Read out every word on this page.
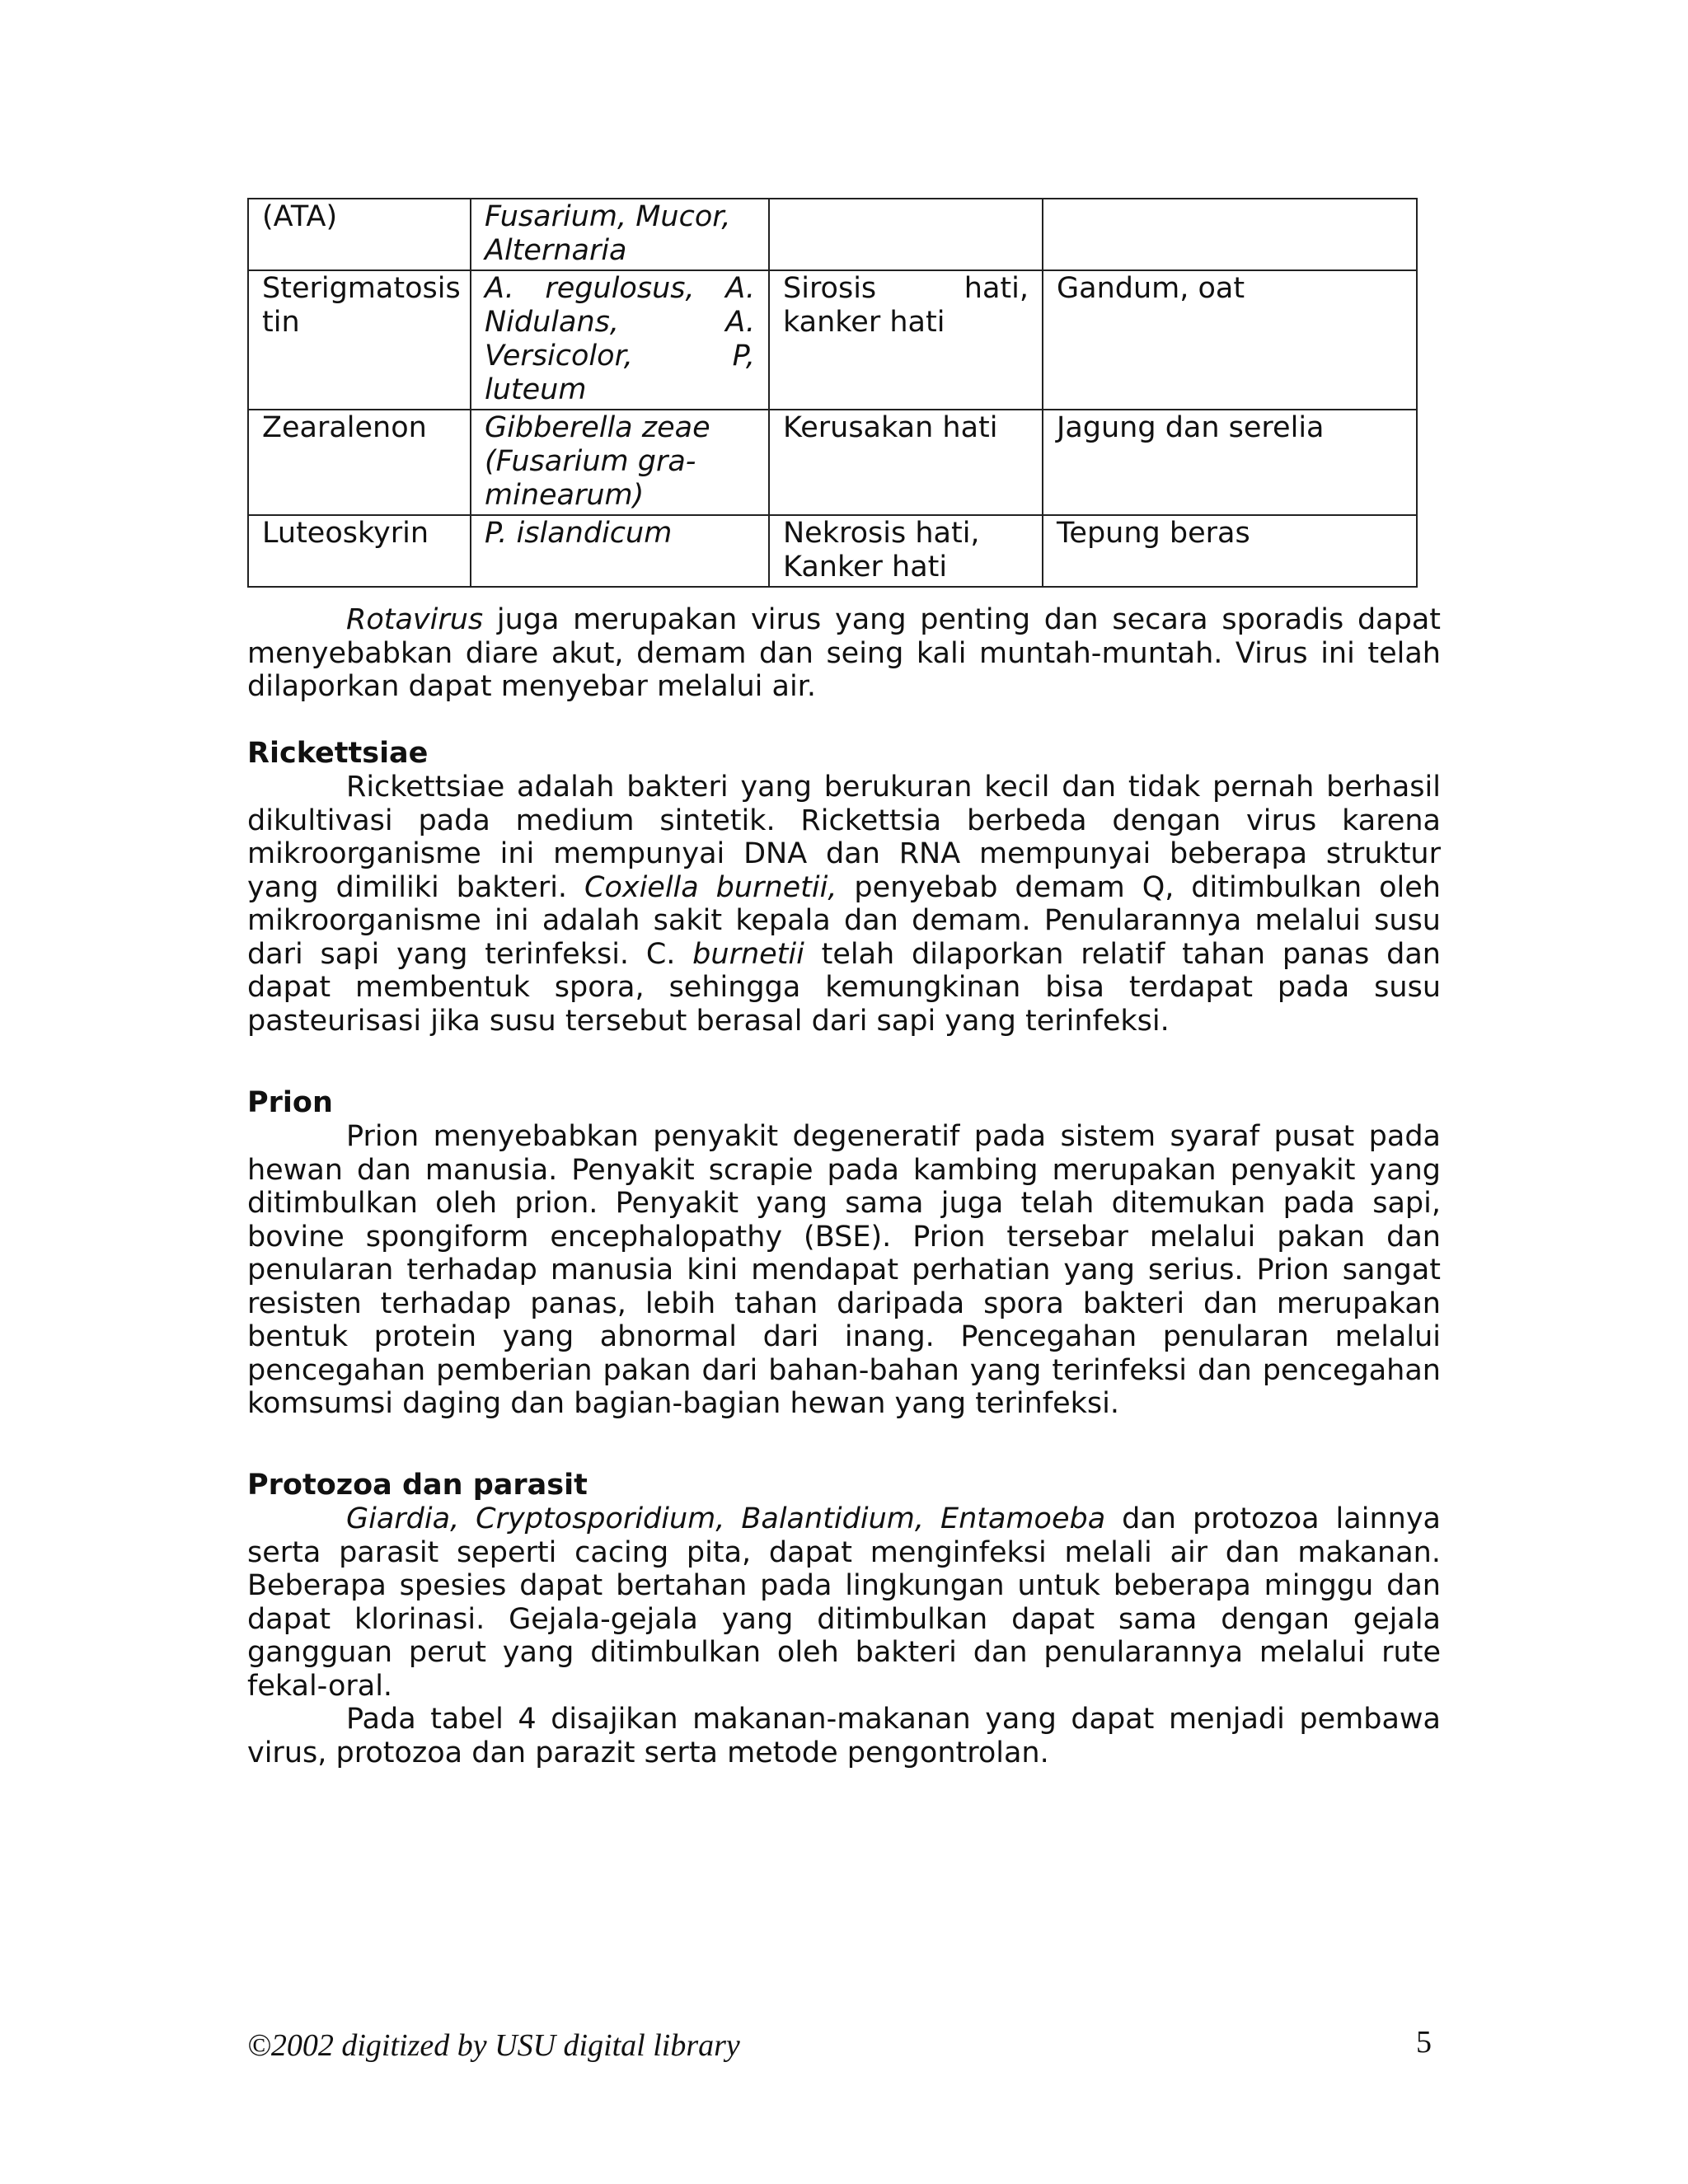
(ATA)	Fusarium, Mucor, Alternaria		
Sterigmatosis tin	A. regulosus, A. Nidulans, A. Versicolor, P, luteum	Sirosis hati, kanker hati	Gandum, oat
Zearalenon	Gibberella zeae (Fusarium gra-minearum)	Kerusakan hati	Jagung dan serelia
Luteoskyrin	P. islandicum	Nekrosis hati, Kanker hati	Tepung beras

Rotavirus juga merupakan virus yang penting dan secara sporadis dapat menyebabkan diare akut, demam dan seing kali muntah-muntah. Virus ini telah dilaporkan dapat menyebar melalui air.

Rickettsiae

Rickettsiae adalah bakteri yang berukuran kecil dan tidak pernah berhasil dikultivasi pada medium sintetik. Rickettsia berbeda dengan virus karena mikroorganisme ini mempunyai DNA dan RNA mempunyai beberapa struktur yang dimiliki bakteri. Coxiella burnetii, penyebab demam Q, ditimbulkan oleh mikroorganisme ini adalah sakit kepala dan demam. Penularannya melalui susu dari sapi yang terinfeksi. C. burnetii telah dilaporkan relatif tahan panas dan dapat membentuk spora, sehingga kemungkinan bisa terdapat pada susu pasteurisasi jika susu tersebut berasal dari sapi yang terinfeksi.

Prion

Prion menyebabkan penyakit degeneratif pada sistem syaraf pusat pada hewan dan manusia. Penyakit scrapie pada kambing merupakan penyakit yang ditimbulkan oleh prion. Penyakit yang sama juga telah ditemukan pada sapi, bovine spongiform encephalopathy (BSE). Prion tersebar melalui pakan dan penularan terhadap manusia kini mendapat perhatian yang serius. Prion sangat resisten terhadap panas, lebih tahan daripada spora bakteri dan merupakan bentuk protein yang abnormal dari inang. Pencegahan penularan melalui pencegahan pemberian pakan dari bahan-bahan yang terinfeksi dan pencegahan komsumsi daging dan bagian-bagian hewan yang terinfeksi.

Protozoa dan parasit

Giardia, Cryptosporidium, Balantidium, Entamoeba dan protozoa lainnya serta parasit seperti cacing pita, dapat menginfeksi melali air dan makanan. Beberapa spesies dapat bertahan pada lingkungan untuk beberapa minggu dan dapat klorinasi. Gejala-gejala yang ditimbulkan dapat sama dengan gejala gangguan perut yang ditimbulkan oleh bakteri dan penularannya melalui rute fekal-oral.

Pada tabel 4 disajikan makanan-makanan yang dapat menjadi pembawa virus, protozoa dan parazit serta metode pengontrolan.

©2002 digitized by USU digital library	5
